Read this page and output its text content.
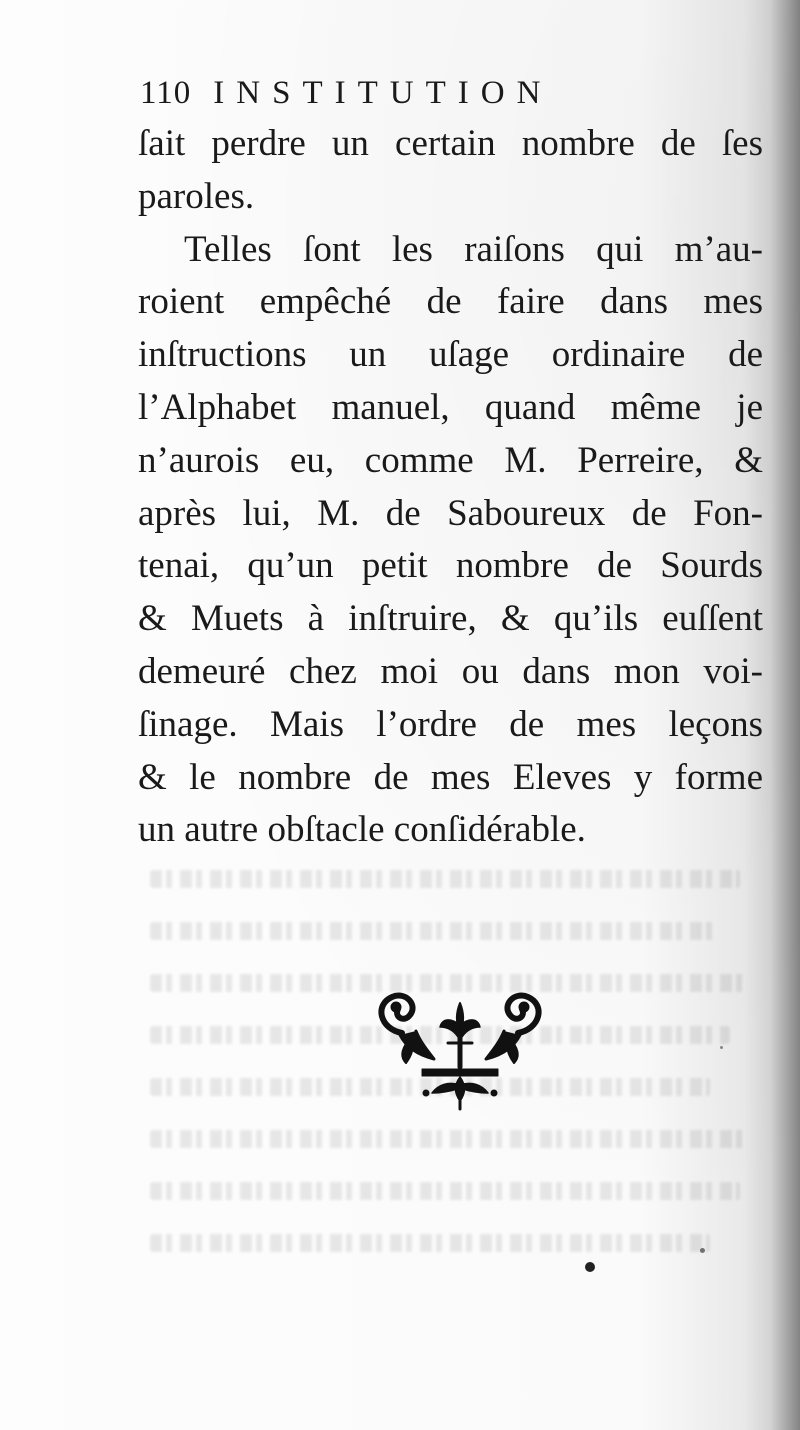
110 INSTITUTION
ſait perdre un certain nombre de ſes
paroles.
Telles ſont les raiſons qui m’au-
roient empêché de faire dans mes
inſtructions un uſage ordinaire de
l’Alphabet manuel, quand même je
n’aurois eu, comme M. Perreire, &
après lui, M. de Saboureux de Fon-
tenai, qu’un petit nombre de Sourds
& Muets à inſtruire, & qu’ils euſſent
demeuré chez moi ou dans mon voi-
ſinage. Mais l’ordre de mes leçons
& le nombre de mes Eleves y forme
un autre obſtacle conſidérable.
